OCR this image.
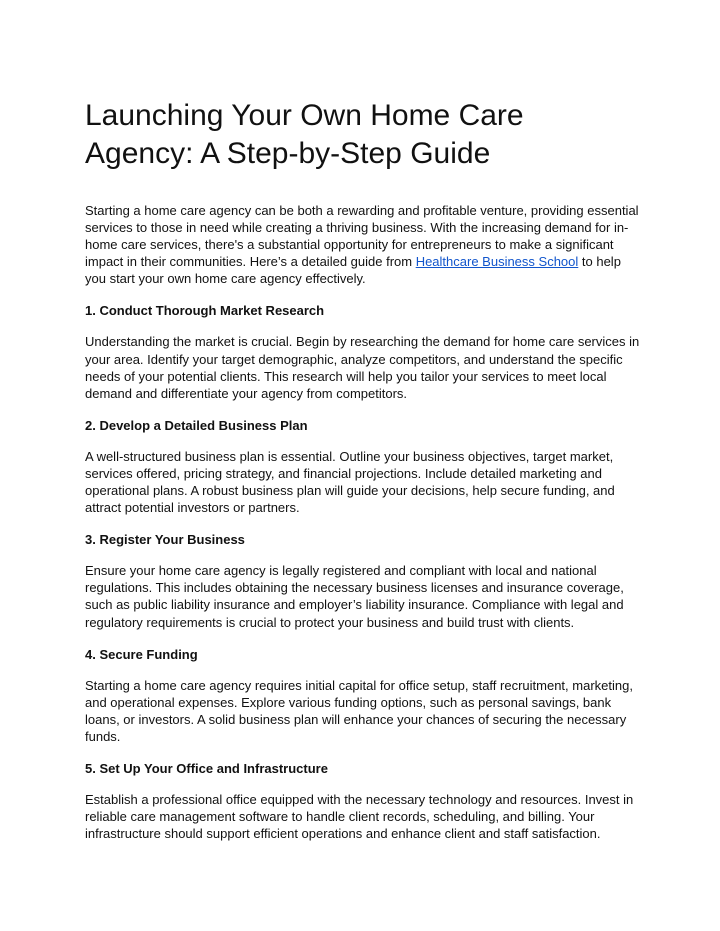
Launching Your Own Home Care Agency: A Step-by-Step Guide

Starting a home care agency can be both a rewarding and profitable venture, providing essential services to those in need while creating a thriving business. With the increasing demand for in-home care services, there's a substantial opportunity for entrepreneurs to make a significant impact in their communities. Here’s a detailed guide from Healthcare Business School to help you start your own home care agency effectively.

1. Conduct Thorough Market Research

Understanding the market is crucial. Begin by researching the demand for home care services in your area. Identify your target demographic, analyze competitors, and understand the specific needs of your potential clients. This research will help you tailor your services to meet local demand and differentiate your agency from competitors.

2. Develop a Detailed Business Plan

A well-structured business plan is essential. Outline your business objectives, target market, services offered, pricing strategy, and financial projections. Include detailed marketing and operational plans. A robust business plan will guide your decisions, help secure funding, and attract potential investors or partners.

3. Register Your Business

Ensure your home care agency is legally registered and compliant with local and national regulations. This includes obtaining the necessary business licenses and insurance coverage, such as public liability insurance and employer’s liability insurance. Compliance with legal and regulatory requirements is crucial to protect your business and build trust with clients.

4. Secure Funding

Starting a home care agency requires initial capital for office setup, staff recruitment, marketing, and operational expenses. Explore various funding options, such as personal savings, bank loans, or investors. A solid business plan will enhance your chances of securing the necessary funds.

5. Set Up Your Office and Infrastructure

Establish a professional office equipped with the necessary technology and resources. Invest in reliable care management software to handle client records, scheduling, and billing. Your infrastructure should support efficient operations and enhance client and staff satisfaction.
